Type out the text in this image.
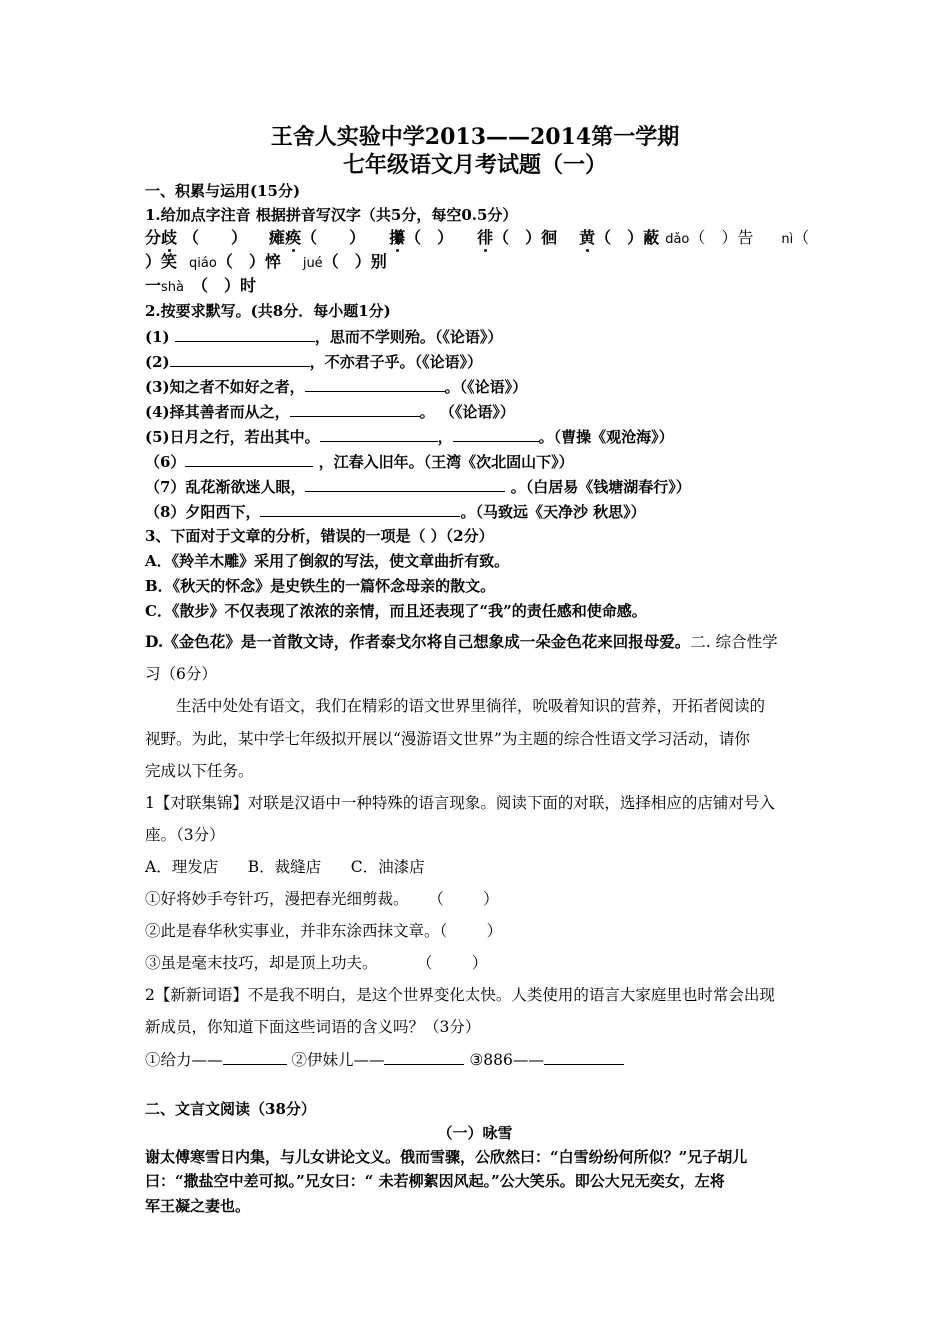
王舍人实验中学2013——2014第一学期
七年级语文月考试题（一）
一、积累与运用(15分)
1.给加点字注音 根据拼音写汉字（共5分，每空0.5分）
分歧 （　　） 瘫痪（　　） 攥（　） 徘（　）徊 黄（　）蔽 dǎo（　）告 nì（
）笑 qiáo（　）悴 jué（　）别
一shà （　）时
2.按要求默写。(共8分．每小题1分)
(1)	，思而不学则殆。（《论语》）
(2)	，不亦君子乎。（《论语》）
(3)知之者不如好之者，	。（《论语》）
(4)择其善者而从之，	。 （《论语》）
(5)日月之行，若出其中。	，	。（曹操《观沧海》）
（6）	，江春入旧年。（王湾《次北固山下》）
（7）乱花渐欲迷人眼，	。（白居易《钱塘湖春行》）
（8）夕阳西下，	。（马致远《天净沙 秋思》）
3、下面对于文章的分析，错误的一项是（ ）（2分）
A．《羚羊木雕》采用了倒叙的写法，使文章曲折有致。
B．《秋天的怀念》是史铁生的一篇怀念母亲的散文。
C．《散步》不仅表现了浓浓的亲情，而且还表现了“我”的责任感和使命感。
D.《金色花》是一首散文诗，作者泰戈尔将自己想象成一朵金色花来回报母爱。二. 综合性学
习（6分）
生活中处处有语文，我们在精彩的语文世界里徜徉，吮吸着知识的营养，开拓者阅读的
视野。为此，某中学七年级拟开展以“漫游语文世界”为主题的综合性语文学习活动，请你
完成以下任务。
1【对联集锦】对联是汉语中一种特殊的语言现象。阅读下面的对联，选择相应的店铺对号入
座。（3分）
A．理发店      B．裁缝店      C．油漆店
①好将妙手夸针巧，漫把春光细剪裁。    （        ）
②此是春华秋实事业，并非东涂西抹文章。（        ）
③虽是毫末技巧，却是顶上功夫。        （        ）
2【新新词语】不是我不明白，是这个世界变化太快。人类使用的语言大家庭里也时常会出现
新成员，你知道下面这些词语的含义吗？（3分）
①给力——	②伊妹儿——	③886——
二、文言文阅读（38分）
（一）咏雪
谢太傅寒雪日内集，与儿女讲论文义。俄而雪骤，公欣然曰：“白雪纷纷何所似？”兄子胡儿
曰：“撒盐空中差可拟。”兄女曰：“ 未若柳絮因风起。”公大笑乐。即公大兄无奕女，左将
军王凝之妻也。
